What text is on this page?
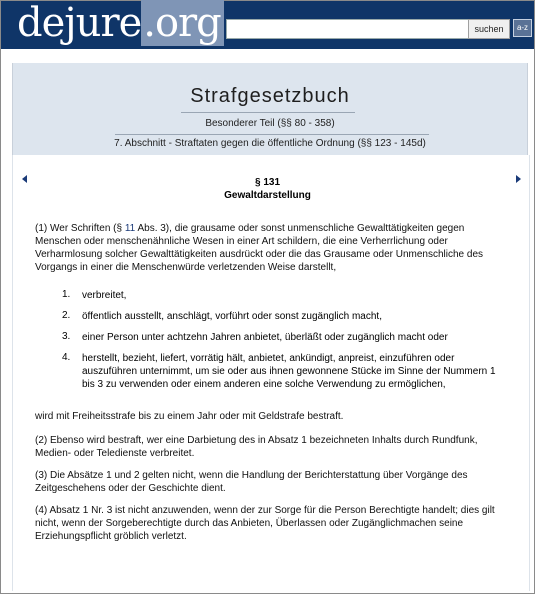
dejure.org	suchen	a-z
Strafgesetzbuch
Besonderer Teil (§§ 80 - 358)
7. Abschnitt - Straftaten gegen die öffentliche Ordnung (§§ 123 - 145d)
§ 131
Gewaltdarstellung
(1) Wer Schriften (§ 11 Abs. 3), die grausame oder sonst unmenschliche Gewalttätigkeiten gegen Menschen oder menschenähnliche Wesen in einer Art schildern, die eine Verherrlichung oder Verharmlosung solcher Gewalttätigkeiten ausdrückt oder die das Grausame oder Unmenschliche des Vorgangs in einer die Menschenwürde verletzenden Weise darstellt,
1. verbreitet,
2. öffentlich ausstellt, anschlägt, vorführt oder sonst zugänglich macht,
3. einer Person unter achtzehn Jahren anbietet, überläßt oder zugänglich macht oder
4. herstellt, bezieht, liefert, vorrätig hält, anbietet, ankündigt, anpreist, einzuführen oder auszuführen unternimmt, um sie oder aus ihnen gewonnene Stücke im Sinne der Nummern 1 bis 3 zu verwenden oder einem anderen eine solche Verwendung zu ermöglichen,
wird mit Freiheitsstrafe bis zu einem Jahr oder mit Geldstrafe bestraft.
(2) Ebenso wird bestraft, wer eine Darbietung des in Absatz 1 bezeichneten Inhalts durch Rundfunk, Medien- oder Teledienste verbreitet.
(3) Die Absätze 1 und 2 gelten nicht, wenn die Handlung der Berichterstattung über Vorgänge des Zeitgeschehens oder der Geschichte dient.
(4) Absatz 1 Nr. 3 ist nicht anzuwenden, wenn der zur Sorge für die Person Berechtigte handelt; dies gilt nicht, wenn der Sorgeberechtigte durch das Anbieten, Überlassen oder Zugänglichmachen seine Erziehungspflicht gröblich verletzt.
